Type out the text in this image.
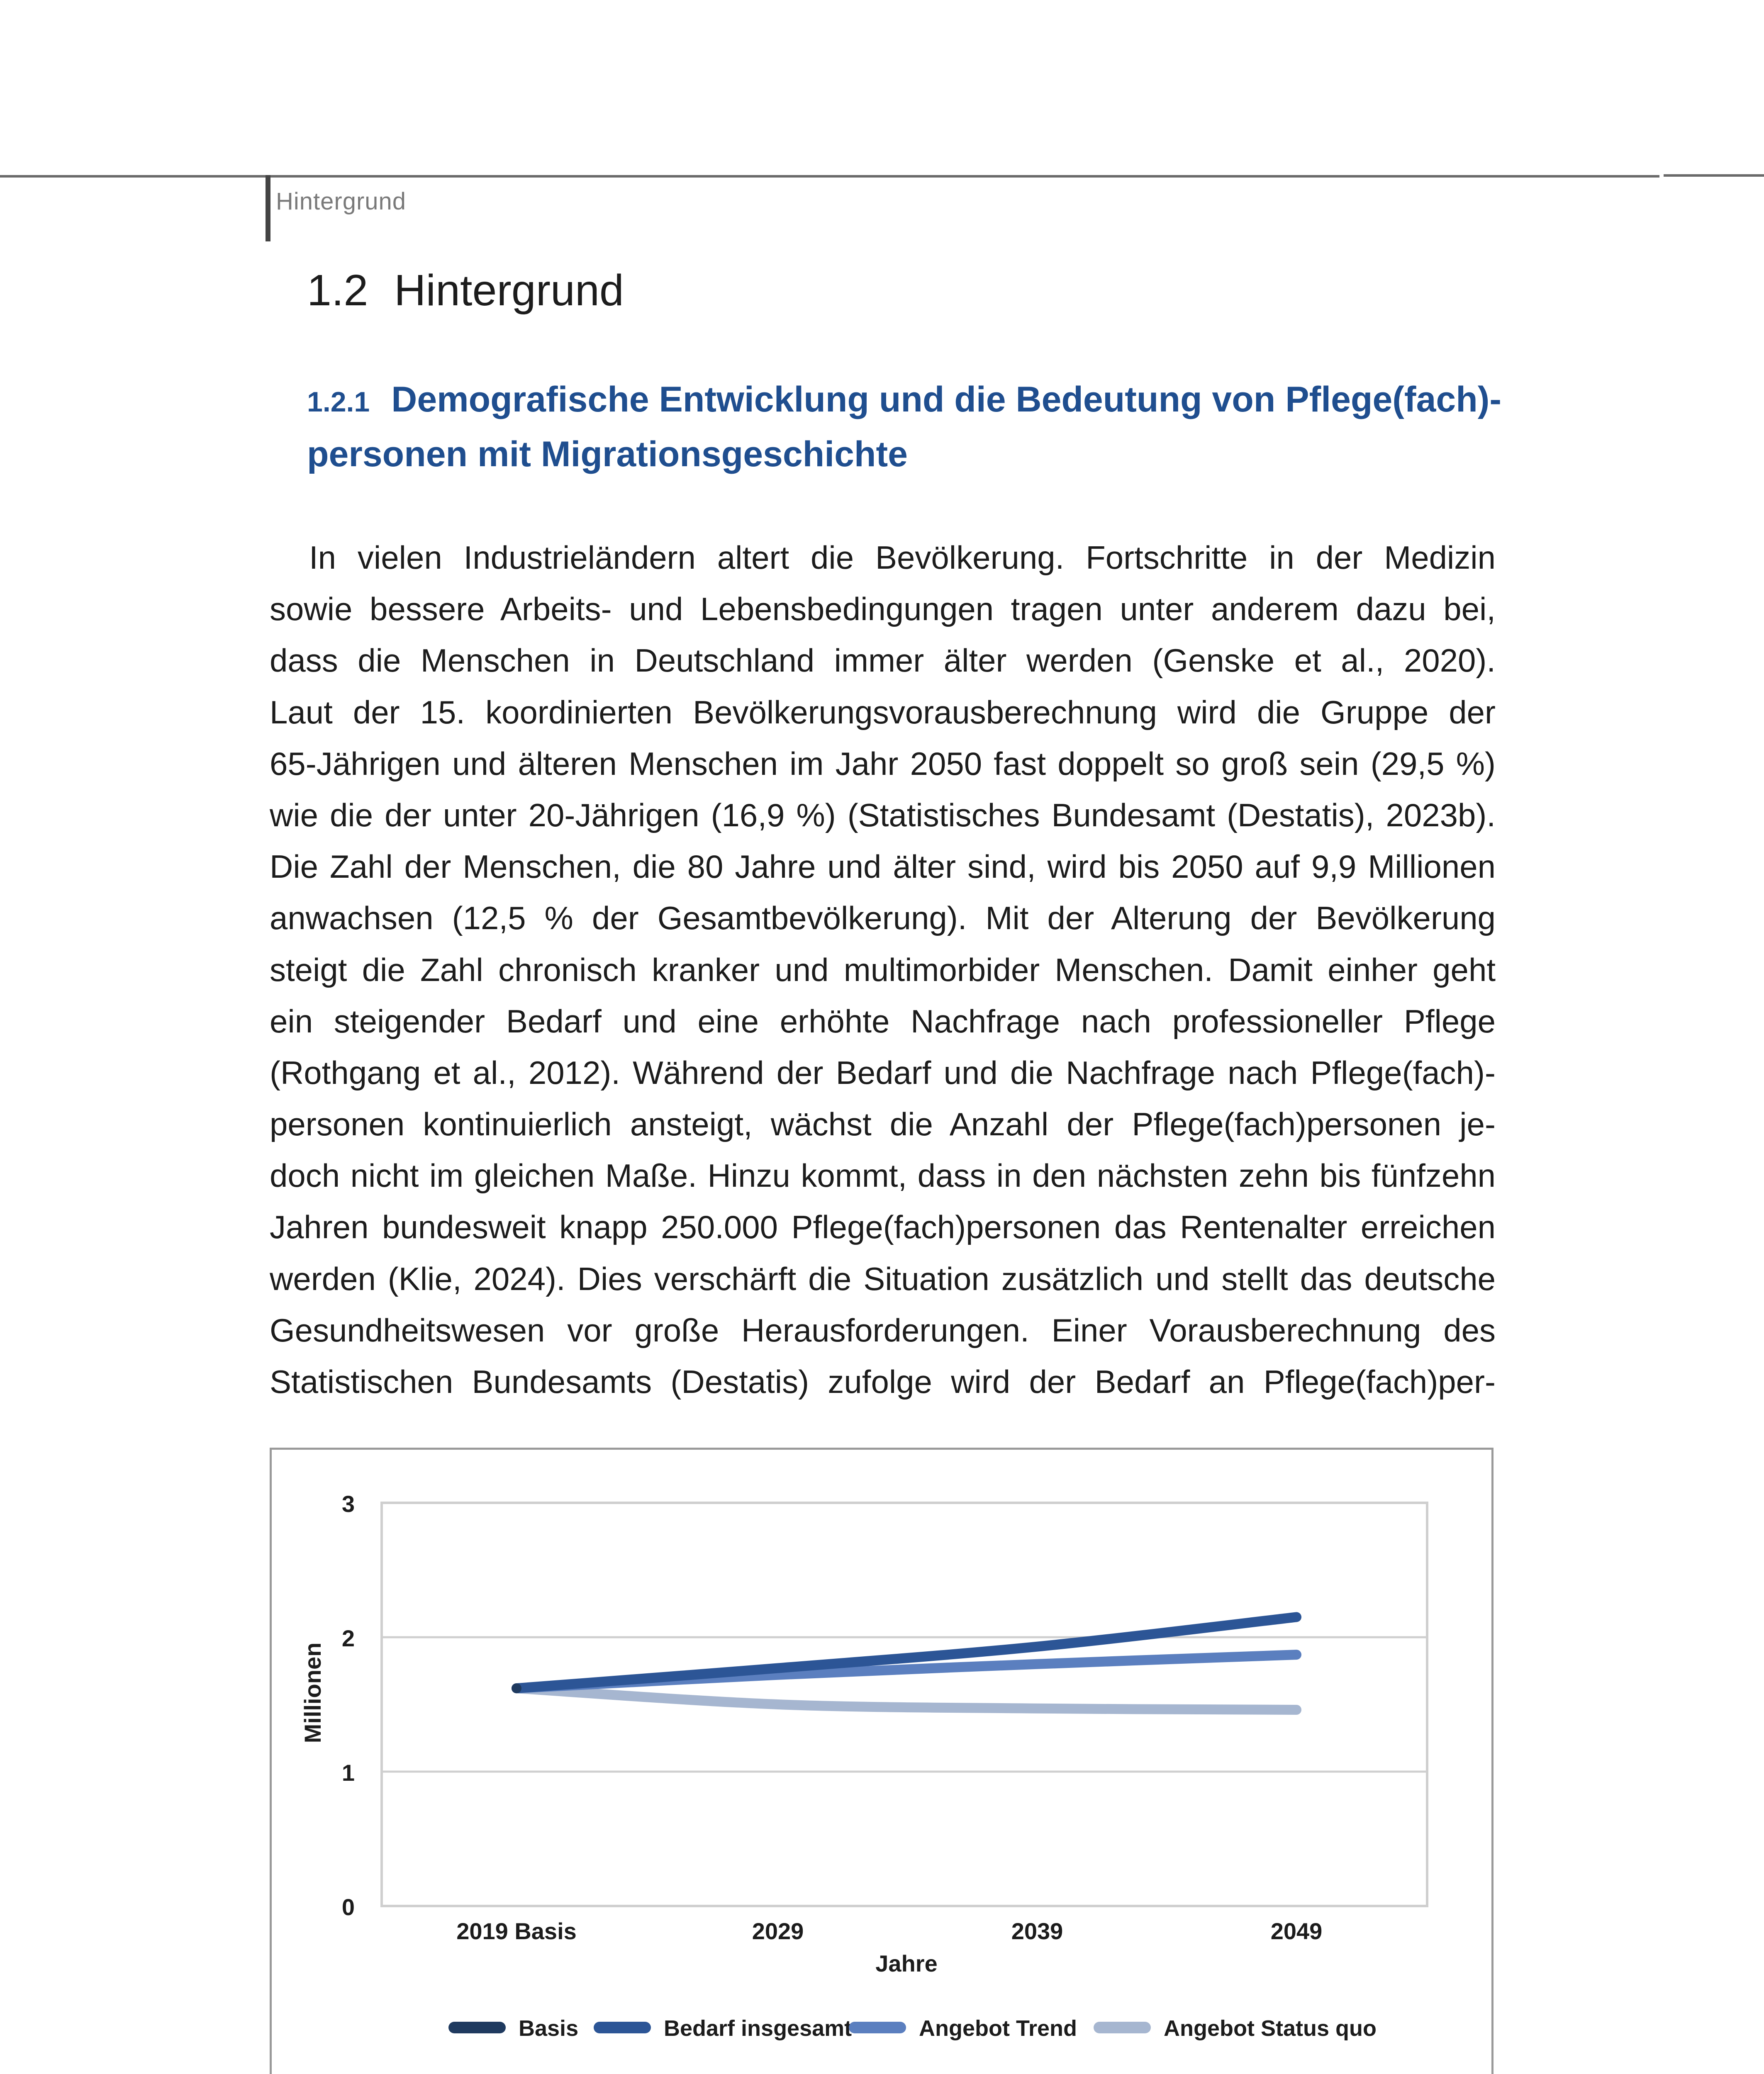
Hintergrund
1.2 Hintergrund
1.2.1 Demografische Entwicklung und die Bedeutung von Pflege(fach)-
personen mit Migrationsgeschichte
In vielen Industrieländern altert die Bevölkerung. Fortschritte in der Medizin
sowie bessere Arbeits- und Lebensbedingungen tragen unter anderem dazu bei,
dass die Menschen in Deutschland immer älter werden (Genske et al., 2020).
Laut der 15. koordinierten Bevölkerungsvorausberechnung wird die Gruppe der
65-Jährigen und älteren Menschen im Jahr 2050 fast doppelt so groß sein (29,5 %)
wie die der unter 20-Jährigen (16,9 %) (Statistisches Bundesamt (Destatis), 2023b).
Die Zahl der Menschen, die 80 Jahre und älter sind, wird bis 2050 auf 9,9 Millionen
anwachsen (12,5 % der Gesamtbevölkerung). Mit der Alterung der Bevölkerung
steigt die Zahl chronisch kranker und multimorbider Menschen. Damit einher geht
ein steigender Bedarf und eine erhöhte Nachfrage nach professioneller Pflege
(Rothgang et al., 2012). Während der Bedarf und die Nachfrage nach Pflege(fach)-
personen kontinuierlich ansteigt, wächst die Anzahl der Pflege(fach)personen je-
doch nicht im gleichen Maße. Hinzu kommt, dass in den nächsten zehn bis fünfzehn
Jahren bundesweit knapp 250.000 Pflege(fach)personen das Rentenalter erreichen
werden (Klie, 2024). Dies verschärft die Situation zusätzlich und stellt das deutsche
Gesundheitswesen vor große Herausforderungen. Einer Vorausberechnung des
Statistischen Bundesamts (Destatis) zufolge wird der Bedarf an Pflege(fach)per-
0
1
2
3
2019 Basis	2029	2039	2049
Jahre
Millionen
Basis	Bedarf insgesamt	Angebot Trend	Angebot Status quo
